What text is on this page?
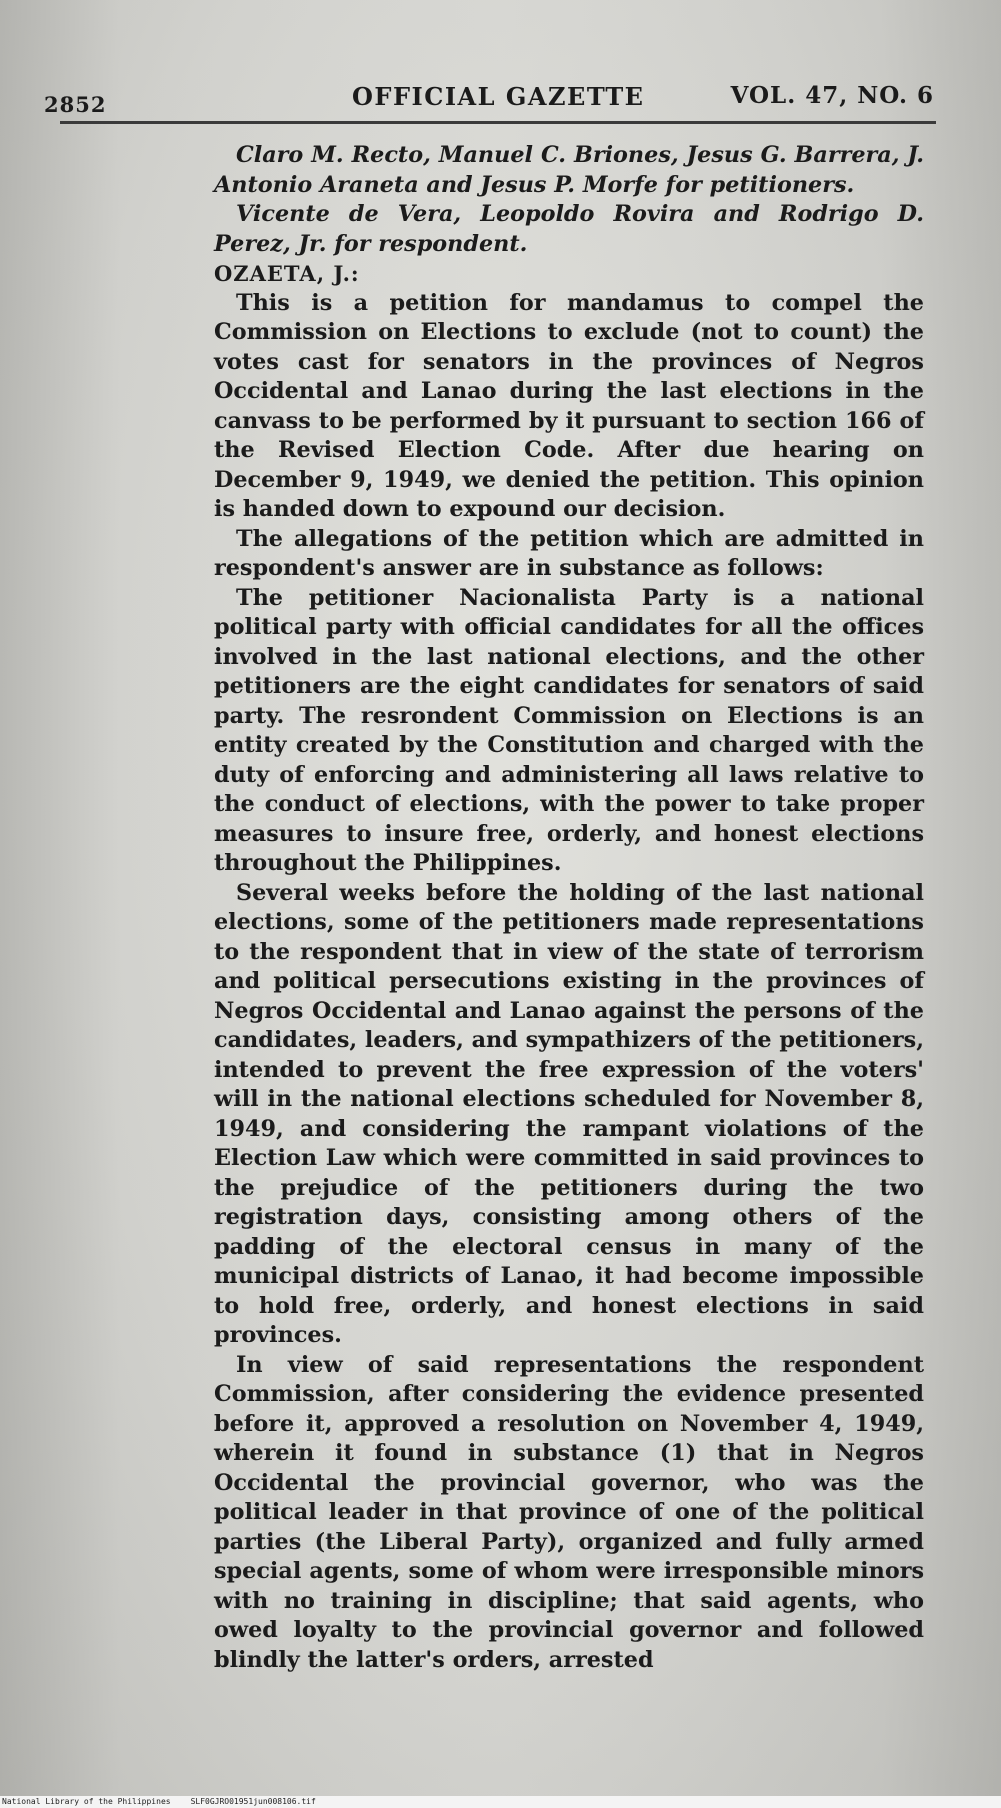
2852	OFFICIAL GAZETTE	VOL. 47, NO. 6

Claro M. Recto, Manuel C. Briones, Jesus G. Barrera, J. Antonio Araneta and Jesus P. Morfe for petitioners.

Vicente de Vera, Leopoldo Rovira and Rodrigo D. Perez, Jr. for respondent.

OZAETA, J.:

This is a petition for mandamus to compel the Commission on Elections to exclude (not to count) the votes cast for senators in the provinces of Negros Occidental and Lanao during the last elections in the canvass to be performed by it pursuant to section 166 of the Revised Election Code. After due hearing on December 9, 1949, we denied the petition. This opinion is handed down to expound our decision.

The allegations of the petition which are admitted in respondent's answer are in substance as follows:

The petitioner Nacionalista Party is a national political party with official candidates for all the offices involved in the last national elections, and the other petitioners are the eight candidates for senators of said party. The resrondent Commission on Elections is an entity created by the Constitution and charged with the duty of enforcing and administering all laws relative to the conduct of elections, with the power to take proper measures to insure free, orderly, and honest elections throughout the Philippines.

Several weeks before the holding of the last national elections, some of the petitioners made representations to the respondent that in view of the state of terrorism and political persecutions existing in the provinces of Negros Occidental and Lanao against the persons of the candidates, leaders, and sympathizers of the petitioners, intended to prevent the free expression of the voters' will in the national elections scheduled for November 8, 1949, and considering the rampant violations of the Election Law which were committed in said provinces to the prejudice of the petitioners during the two registration days, consisting among others of the padding of the electoral census in many of the municipal districts of Lanao, it had become impossible to hold free, orderly, and honest elections in said provinces.

In view of said representations the respondent Commission, after considering the evidence presented before it, approved a resolution on November 4, 1949, wherein it found in substance (1) that in Negros Occidental the provincial governor, who was the political leader in that province of one of the political parties (the Liberal Party), organized and fully armed special agents, some of whom were irresponsible minors with no training in discipline; that said agents, who owed loyalty to the provincial governor and followed blindly the latter's orders, arrested

National Library of the Philippines	SLF0GJRO01951jun008106.tif
